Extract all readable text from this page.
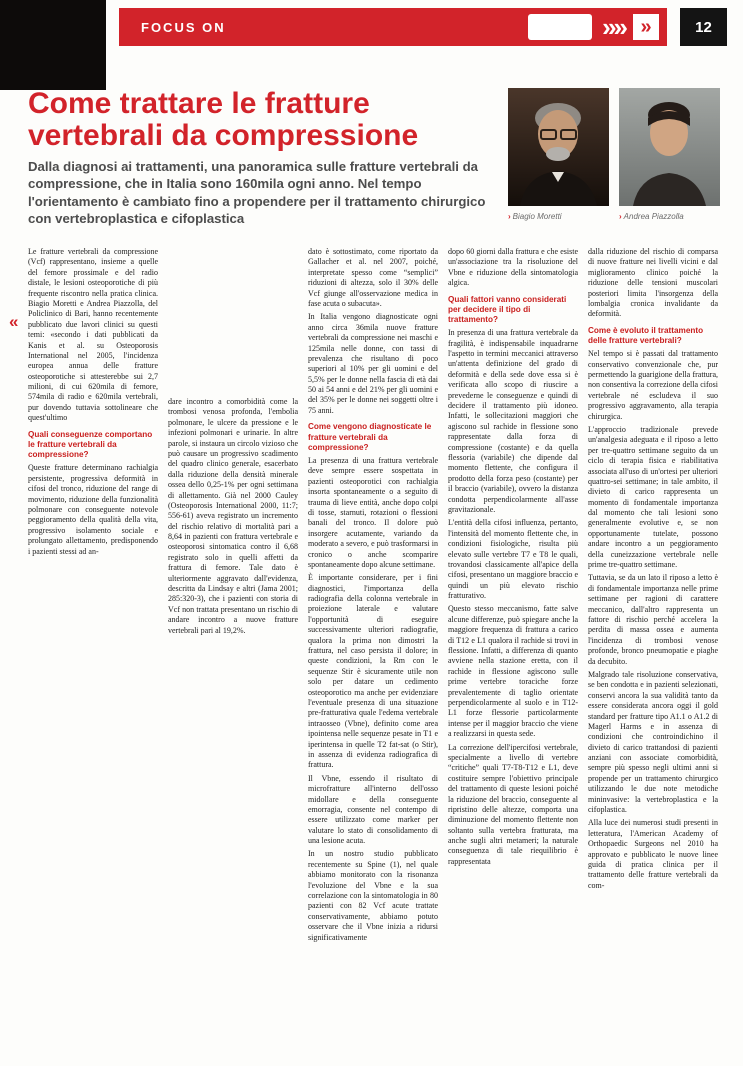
FOCUS ON	»» »	12
Come trattare le fratture vertebrali da compressione

Dalla diagnosi ai trattamenti, una panoramica sulle fratture vertebrali da compressione, che in Italia sono 160mila ogni anno. Nel tempo l'orientamento è cambiato fino a propendere per il trattamento chirurgico con vertebroplastica e cifoplastica	› Biagio Moretti	› Andrea Piazzolla

«

Le fratture vertebrali da compressione (Vcf) rappresentano, insieme a quelle del femore prossimale e del radio distale, le lesioni osteoporotiche di più frequente riscontro nella pratica clinica. Biagio Moretti e Andrea Piazzolla, del Policlinico di Bari, hanno recentemente pubblicato due lavori clinici su questi temi: «secondo i dati pubblicati da Kanis et al. su Osteoporosis International nel 2005, l'incidenza europea annua delle fratture osteoporotiche si attesterebbe sui 2,7 milioni, di cui 620mila di femore, 574mila di radio e 620mila vertebrali, pur dovendo tuttavia sottolineare che quest'ultimo

Quali conseguenze comportano le fratture vertebrali da compressione?

Queste fratture determinano rachialgia persistente, progressiva deformità in cifosi del tronco, riduzione del range di movimento, riduzione della funzionalità polmonare con conseguente notevole peggioramento della qualità della vita, progressivo isolamento sociale e prolungato allettamento, predisponendo i pazienti stessi ad an-

dare incontro a comorbidità come la trombosi venosa profonda, l'embolia polmonare, le ulcere da pressione e le infezioni polmonari e urinarie. In altre parole, si instaura un circolo vizioso che può causare un progressivo scadimento del quadro clinico generale, esacerbato dalla riduzione della densità minerale ossea dello 0,25-1% per ogni settimana di allettamento. Già nel 2000 Cauley (Osteoporosis International 2000, 11:7; 556-61) aveva registrato un incremento del rischio relativo di mortalità pari a 8,64 in pazienti con frattura vertebrale e osteoporosi sintomatica contro il 6,68 registrato solo in quelli affetti da frattura di femore. Tale dato è ulteriormente aggravato dall'evidenza, descritta da Lindsay e altri (Jama 2001; 285:320-3), che i pazienti con storia di Vcf non trattata presentano un rischio di andare incontro a nuove fratture vertebrali pari al 19,2%.

dato è sottostimato, come riportato da Gallacher et al. nel 2007, poiché, interpretate spesso come “semplici” riduzioni di altezza, solo il 30% delle Vcf giunge all'osservazione medica in fase acuta o subacuta».

In Italia vengono diagnosticate ogni anno circa 36mila nuove fratture vertebrali da compressione nei maschi e 125mila nelle donne, con tassi di prevalenza che risultano di poco superiori al 10% per gli uomini e del 5,5% per le donne nella fascia di età dai 50 ai 54 anni e del 21% per gli uomini e del 35% per le donne nei soggetti oltre i 75 anni.

Come vengono diagnosticate le fratture vertebrali da compressione?

La presenza di una frattura vertebrale deve sempre essere sospettata in pazienti osteoporotici con rachialgia insorta spontaneamente o a seguito di trauma di lieve entità, anche dopo colpi di tosse, starnuti, rotazioni o flessioni banali del tronco. Il dolore può insorgere acutamente, variando da moderato a severo, e può trasformarsi in cronico o anche scomparire spontaneamente dopo alcune settimane.

È importante considerare, per i fini diagnostici, l'importanza della radiografia della colonna vertebrale in proiezione laterale e valutare l'opportunità di eseguire successivamente ulteriori radiografie, qualora la prima non dimostri la frattura, nel caso persista il dolore; in queste condizioni, la Rm con le sequenze Stir è sicuramente utile non solo per datare un cedimento osteoporotico ma anche per evidenziare l'eventuale presenza di una situazione pre-fratturativa quale l'edema vertebrale intraosseo (Vbne), definito come area ipointensa nelle sequenze pesate in T1 e iperintensa in quelle T2 fat-sat (o Stir), in assenza di evidenza radiografica di frattura.

Il Vbne, essendo il risultato di microfratture all'interno dell'osso midollare e della conseguente emorragia, consente nel contempo di essere utilizzato come marker per valutare lo stato di consolidamento di una lesione acuta.

In un nostro studio pubblicato recentemente su Spine (1), nel quale abbiamo monitorato con la risonanza l'evoluzione del Vbne e la sua correlazione con la sintomatologia in 80 pazienti con 82 Vcf acute trattate conservativamente, abbiamo potuto osservare che il Vbne inizia a ridursi significativamente

dopo 60 giorni dalla frattura e che esiste un'associazione tra la risoluzione del Vbne e riduzione della sintomatologia algica.

Quali fattori vanno considerati per decidere il tipo di trattamento?

In presenza di una frattura vertebrale da fragilità, è indispensabile inquadrarne l'aspetto in termini meccanici attraverso un'attenta definizione del grado di deformità e della sede dove essa si è verificata allo scopo di riuscire a prevederne le conseguenze e quindi di decidere il trattamento più idoneo. Infatti, le sollecitazioni maggiori che agiscono sul rachide in flessione sono rappresentate dalla forza di compressione (costante) e da quella flessoria (variabile) che dipende dal momento flettente, che configura il prodotto della forza peso (costante) per il braccio (variabile), ovvero la distanza condotta perpendicolarmente all'asse gravitazionale.

L'entità della cifosi influenza, pertanto, l'intensità del momento flettente che, in condizioni fisiologiche, risulta più elevato sulle vertebre T7 e T8 le quali, trovandosi classicamente all'apice della cifosi, presentano un maggiore braccio e quindi un più elevato rischio fratturativo.

Questo stesso meccanismo, fatte salve alcune differenze, può spiegare anche la maggiore frequenza di frattura a carico di T12 e L1 qualora il rachide si trovi in flessione. Infatti, a differenza di quanto avviene nella stazione eretta, con il rachide in flessione agiscono sulle prime vertebre toraciche forze prevalentemente di taglio orientate perpendicolarmente al suolo e in T12-L1 forze flessorie particolarmente intense per il maggior braccio che viene a realizzarsi in questa sede.

La correzione dell'ipercifosi vertebrale, specialmente a livello di vertebre “critiche” quali T7-T8-T12 e L1, deve costituire sempre l'obiettivo principale del trattamento di queste lesioni poiché la riduzione del braccio, conseguente al ripristino delle altezze, comporta una diminuzione del momento flettente non soltanto sulla vertebra fratturata, ma anche sugli altri metameri; la naturale conseguenza di tale riequilibrio è rappresentata

dalla riduzione del rischio di comparsa di nuove fratture nei livelli vicini e dal miglioramento clinico poiché la riduzione delle tensioni muscolari posteriori limita l'insorgenza della lombalgia cronica invalidante da deformità.

Come è evoluto il trattamento delle fratture vertebrali?

Nel tempo si è passati dal trattamento conservativo convenzionale che, pur permettendo la guarigione della frattura, non consentiva la correzione della cifosi vertebrale né escludeva il suo progressivo aggravamento, alla terapia chirurgica.

L'approccio tradizionale prevede un'analgesia adeguata e il riposo a letto per tre-quattro settimane seguito da un ciclo di terapia fisica e riabilitativa associata all'uso di un'ortesi per ulteriori quattro-sei settimane; in tale ambito, il divieto di carico rappresenta un momento di fondamentale importanza dal momento che tali lesioni sono generalmente evolutive e, se non opportunamente tutelate, possono andare incontro a un peggioramento della cuneizzazione vertebrale nelle prime tre-quattro settimane.

Tuttavia, se da un lato il riposo a letto è di fondamentale importanza nelle prime settimane per ragioni di carattere meccanico, dall'altro rappresenta un fattore di rischio perché accelera la perdita di massa ossea e aumenta l'incidenza di trombosi venose profonde, bronco pneumopatie e piaghe da decubito.

Malgrado tale risoluzione conservativa, se ben condotta e in pazienti selezionati, conservi ancora la sua validità tanto da essere considerata ancora oggi il gold standard per fratture tipo A1.1 o A1.2 di Magerl Harms e in assenza di condizioni che controindichino il divieto di carico trattandosi di pazienti anziani con associate comorbidità, sempre più spesso negli ultimi anni si propende per un trattamento chirurgico utilizzando le due note metodiche mininvasive: la vertebroplastica e la cifoplastica.

Alla luce dei numerosi studi presenti in letteratura, l'American Academy of Orthopaedic Surgeons nel 2010 ha approvato e pubblicato le nuove linee guida di pratica clinica per il trattamento delle fratture vertebrali da com-
